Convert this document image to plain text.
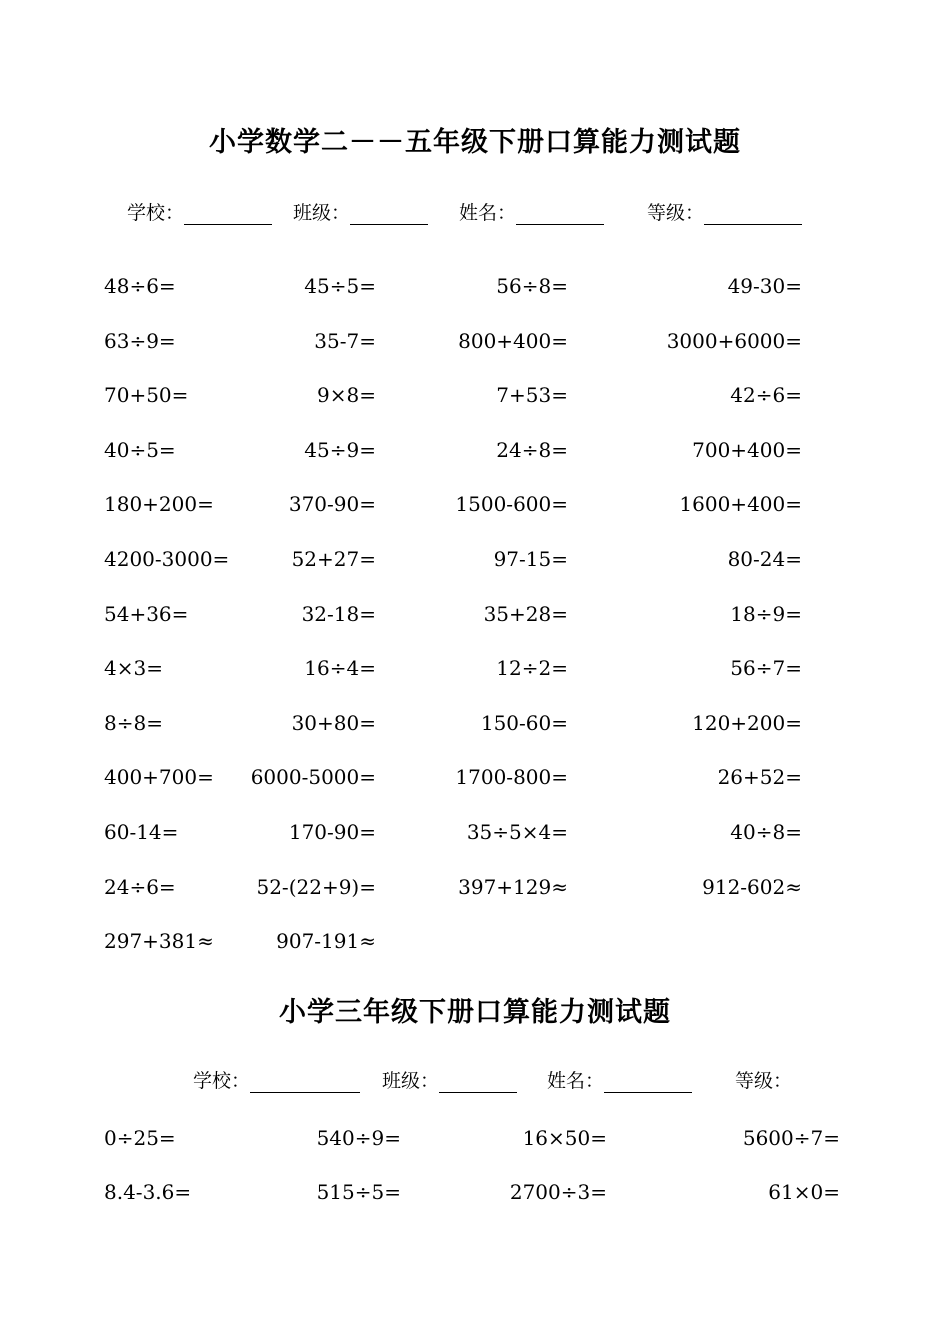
小学数学二－－五年级下册口算能力测试题
学校：	班级：	姓名：	等级：
48÷6=	45÷5=	56÷8=	49-30=
63÷9=	35-7=	800+400=	3000+6000=
70+50=	9×8=	7+53=	42÷6=
40÷5=	45÷9=	24÷8=	700+400=
180+200=	370-90=	1500-600=	1600+400=
4200-3000=	52+27=	97-15=	80-24=
54+36=	32-18=	35+28=	18÷9=
4×3=	16÷4=	12÷2=	56÷7=
8÷8=	30+80=	150-60=	120+200=
400+700= 6000-5000=	1700-800=	26+52=
60-14=	170-90=	35÷5×4=	40÷8=
24÷6=	52-(22+9)=	397+129≈	912-602≈
297+381≈	907-191≈
小学三年级下册口算能力测试题
学校：	班级：	姓名：	等级：
0÷25=	540÷9=	16×50=	5600÷7=
8.4-3.6=	515÷5=	2700÷3=	61×0=
